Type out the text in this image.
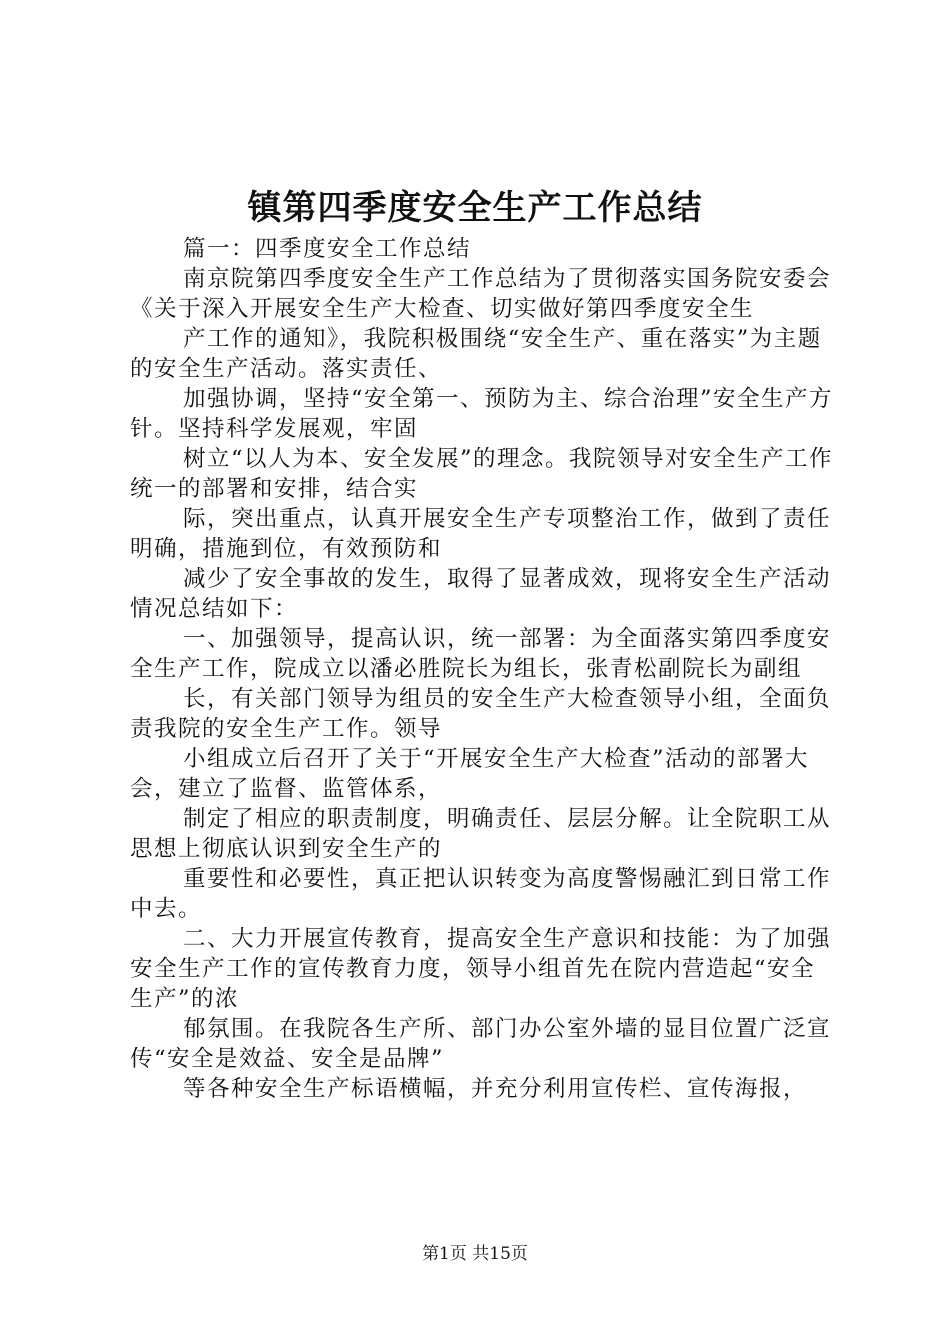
镇第四季度安全生产工作总结

篇一：四季度安全工作总结

南京院第四季度安全生产工作总结为了贯彻落实国务院安委会《关于深入开展安全生产大检查、切实做好第四季度安全生

产工作的通知》，我院积极围绕“安全生产、重在落实”为主题的安全生产活动。落实责任、

加强协调，坚持“安全第一、预防为主、综合治理”安全生产方针。坚持科学发展观，牢固

树立“以人为本、安全发展”的理念。我院领导对安全生产工作统一的部署和安排，结合实

际，突出重点，认真开展安全生产专项整治工作，做到了责任明确，措施到位，有效预防和

减少了安全事故的发生，取得了显著成效，现将安全生产活动情况总结如下：

一、加强领导，提高认识，统一部署：为全面落实第四季度安全生产工作，院成立以潘必胜院长为组长，张青松副院长为副组

长，有关部门领导为组员的安全生产大检查领导小组，全面负责我院的安全生产工作。领导

小组成立后召开了关于“开展安全生产大检查”活动的部署大会，建立了监督、监管体系，

制定了相应的职责制度，明确责任、层层分解。让全院职工从思想上彻底认识到安全生产的

重要性和必要性，真正把认识转变为高度警惕融汇到日常工作中去。

二、大力开展宣传教育，提高安全生产意识和技能：为了加强安全生产工作的宣传教育力度，领导小组首先在院内营造起“安全生产”的浓

郁氛围。在我院各生产所、部门办公室外墙的显目位置广泛宣传“安全是效益、安全是品牌”

等各种安全生产标语横幅，并充分利用宣传栏、宣传海报，

第1页 共15页
